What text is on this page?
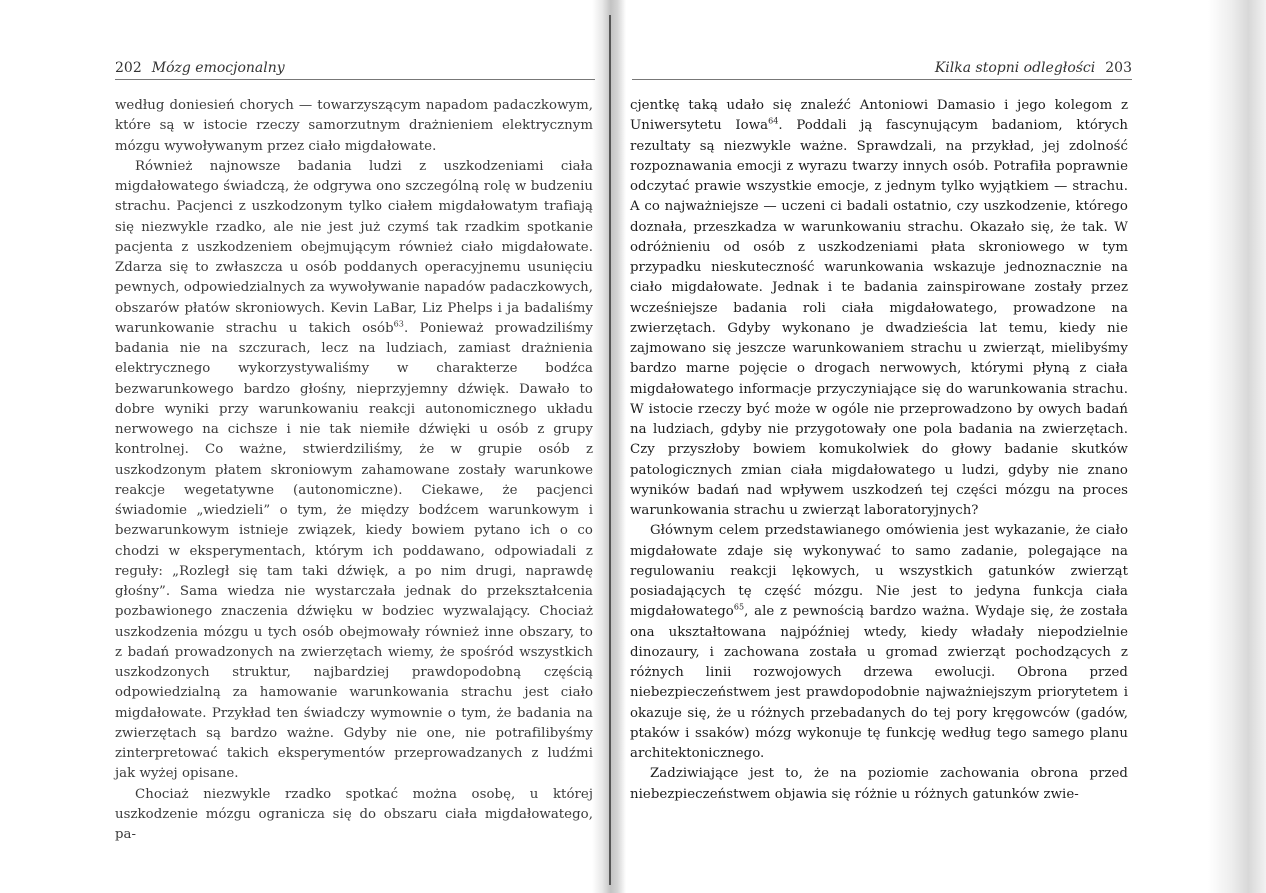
202 Mózg emocjonalny

według doniesień chorych — towarzyszącym napadom padaczkowym, które są w istocie rzeczy samorzutnym drażnieniem elektrycznym mózgu wywoływanym przez ciało migdałowate.

Również najnowsze badania ludzi z uszkodzeniami ciała migdałowatego świadczą, że odgrywa ono szczególną rolę w budzeniu strachu. Pacjenci z uszkodzonym tylko ciałem migdałowatym trafiają się niezwykle rzadko, ale nie jest już czymś tak rzadkim spotkanie pacjenta z uszkodzeniem obejmującym również ciało migdałowate. Zdarza się to zwłaszcza u osób poddanych operacyjnemu usunięciu pewnych, odpowiedzialnych za wywoływanie napadów padaczkowych, obszarów płatów skroniowych. Kevin LaBar, Liz Phelps i ja badaliśmy warunkowanie strachu u takich osób$^{63}$. Ponieważ prowadziliśmy badania nie na szczurach, lecz na ludziach, zamiast drażnienia elektrycznego wykorzystywaliśmy w charakterze bodźca bezwarunkowego bardzo głośny, nieprzyjemny dźwięk. Dawało to dobre wyniki przy warunkowaniu reakcji autonomicznego układu nerwowego na cichsze i nie tak niemiłe dźwięki u osób z grupy kontrolnej. Co ważne, stwierdziliśmy, że w grupie osób z uszkodzonym płatem skroniowym zahamowane zostały warunkowe reakcje wegetatywne (autonomiczne). Ciekawe, że pacjenci świadomie „wiedzieli” o tym, że między bodźcem warunkowym i bezwarunkowym istnieje związek, kiedy bowiem pytano ich o co chodzi w eksperymentach, którym ich poddawano, odpowiadali z reguły: „Rozległ się tam taki dźwięk, a po nim drugi, naprawdę głośny”. Sama wiedza nie wystarczała jednak do przekształcenia pozbawionego znaczenia dźwięku w bodziec wyzwalający. Chociaż uszkodzenia mózgu u tych osób obejmowały również inne obszary, to z badań prowadzonych na zwierzętach wiemy, że spośród wszystkich uszkodzonych struktur, najbardziej prawdopodobną częścią odpowiedzialną za hamowanie warunkowania strachu jest ciało migdałowate. Przykład ten świadczy wymownie o tym, że badania na zwierzętach są bardzo ważne. Gdyby nie one, nie potrafilibyśmy zinterpretować takich eksperymentów przeprowadzanych z ludźmi jak wyżej opisane.

Chociaż niezwykle rzadko spotkać można osobę, u której uszkodzenie mózgu ogranicza się do obszaru ciała migdałowatego, pa-

Kilka stopni odległości 203

cjentkę taką udało się znaleźć Antoniowi Damasio i jego kolegom z Uniwersytetu Iowa$^{64}$. Poddali ją fascynującym badaniom, których rezultaty są niezwykle ważne. Sprawdzali, na przykład, jej zdolność rozpoznawania emocji z wyrazu twarzy innych osób. Potrafiła poprawnie odczytać prawie wszystkie emocje, z jednym tylko wyjątkiem — strachu. A co najważniejsze — uczeni ci badali ostatnio, czy uszkodzenie, którego doznała, przeszkadza w warunkowaniu strachu. Okazało się, że tak. W odróżnieniu od osób z uszkodzeniami płata skroniowego w tym przypadku nieskuteczność warunkowania wskazuje jednoznacznie na ciało migdałowate. Jednak i te badania zainspirowane zostały przez wcześniejsze badania roli ciała migdałowatego, prowadzone na zwierzętach. Gdyby wykonano je dwadzieścia lat temu, kiedy nie zajmowano się jeszcze warunkowaniem strachu u zwierząt, mielibyśmy bardzo marne pojęcie o drogach nerwowych, którymi płyną z ciała migdałowatego informacje przyczyniające się do warunkowania strachu. W istocie rzeczy być może w ogóle nie przeprowadzono by owych badań na ludziach, gdyby nie przygotowały one pola badania na zwierzętach. Czy przyszłoby bowiem komukolwiek do głowy badanie skutków patologicznych zmian ciała migdałowatego u ludzi, gdyby nie znano wyników badań nad wpływem uszkodzeń tej części mózgu na proces warunkowania strachu u zwierząt laboratoryjnych?

Głównym celem przedstawianego omówienia jest wykazanie, że ciało migdałowate zdaje się wykonywać to samo zadanie, polegające na regulowaniu reakcji lękowych, u wszystkich gatunków zwierząt posiadających tę część mózgu. Nie jest to jedyna funkcja ciała migdałowatego$^{65}$, ale z pewnością bardzo ważna. Wydaje się, że została ona ukształtowana najpóźniej wtedy, kiedy władały niepodzielnie dinozaury, i zachowana została u gromad zwierząt pochodzących z różnych linii rozwojowych drzewa ewolucji. Obrona przed niebezpieczeństwem jest prawdopodobnie najważniejszym priorytetem i okazuje się, że u różnych przebadanych do tej pory kręgowców (gadów, ptaków i ssaków) mózg wykonuje tę funkcję według tego samego planu architektonicznego.

Zadziwiające jest to, że na poziomie zachowania obrona przed niebezpieczeństwem objawia się różnie u różnych gatunków zwie-
